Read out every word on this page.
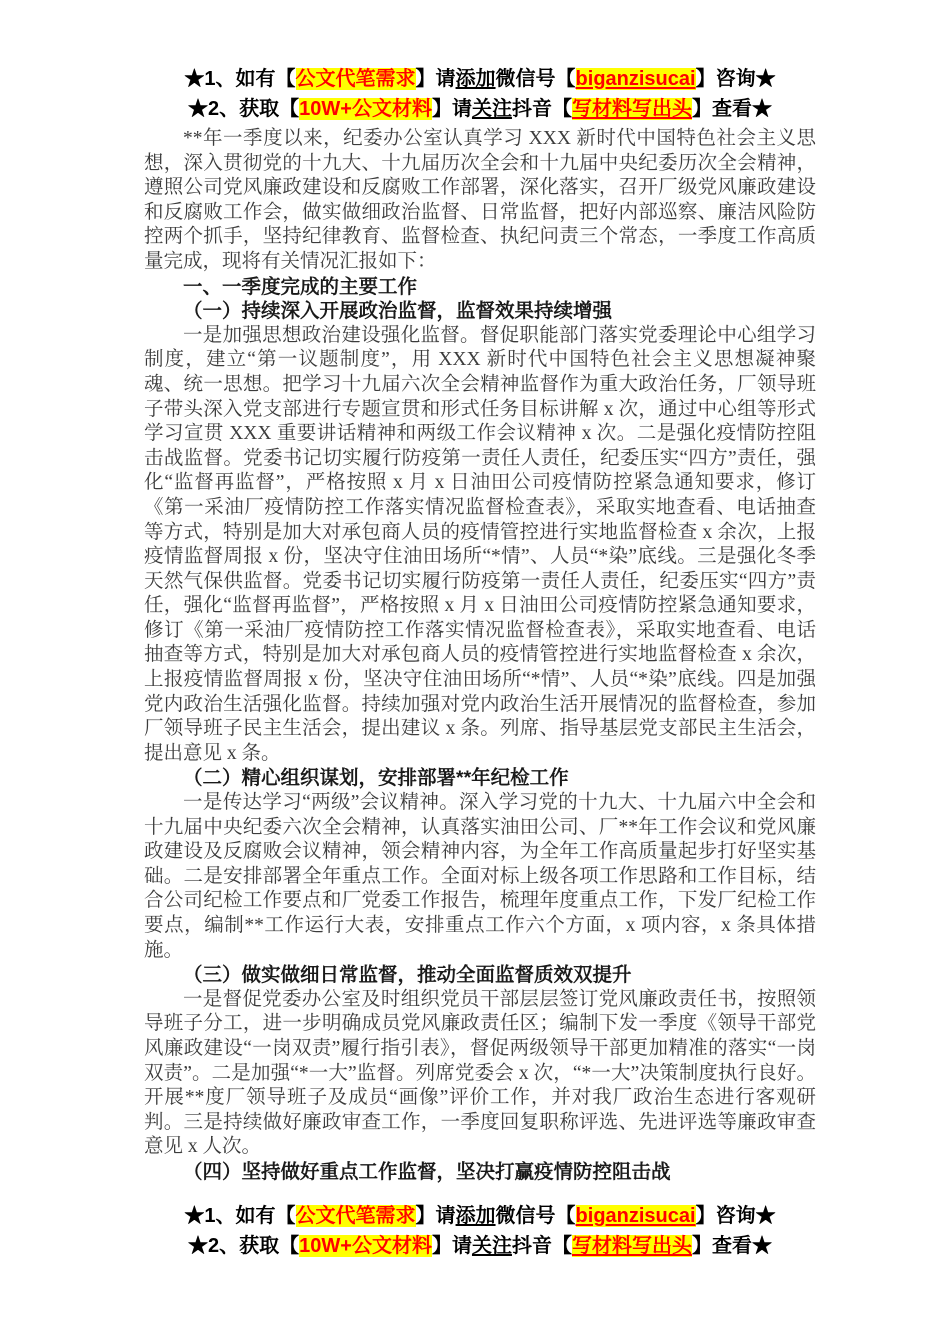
★1、如有【公文代笔需求】请添加微信号【biganzisucai】咨询★
★2、获取【10W+公文材料】请关注抖音【写材料写出头】查看★

**年一季度以来，纪委办公室认真学习 XXX 新时代中国特色社会主义思想，深入贯彻党的十九大、十九届历次全会和十九届中央纪委历次全会精神，遵照公司党风廉政建设和反腐败工作部署，深化落实，召开厂级党风廉政建设和反腐败工作会，做实做细政治监督、日常监督，把好内部巡察、廉洁风险防控两个抓手，坚持纪律教育、监督检查、执纪问责三个常态，一季度工作高质量完成，现将有关情况汇报如下：

一、一季度完成的主要工作

（一）持续深入开展政治监督，监督效果持续增强

一是加强思想政治建设强化监督。督促职能部门落实党委理论中心组学习制度，建立“第一议题制度”，用 XXX 新时代中国特色社会主义思想凝神聚魂、统一思想。把学习十九届六次全会精神监督作为重大政治任务，厂领导班子带头深入党支部进行专题宣贯和形式任务目标讲解 x 次，通过中心组等形式学习宣贯 XXX 重要讲话精神和两级工作会议精神 x 次。二是强化疫情防控阻击战监督。党委书记切实履行防疫第一责任人责任，纪委压实“四方”责任，强化“监督再监督”，严格按照 x 月 x 日油田公司疫情防控紧急通知要求，修订《第一采油厂疫情防控工作落实情况监督检查表》，采取实地查看、电话抽查等方式，特别是加大对承包商人员的疫情管控进行实地监督检查 x 余次，上报疫情监督周报 x 份，坚决守住油田场所“*情”、人员“*染”底线。三是强化冬季天然气保供监督。党委书记切实履行防疫第一责任人责任，纪委压实“四方”责任，强化“监督再监督”，严格按照 x 月 x 日油田公司疫情防控紧急通知要求，修订《第一采油厂疫情防控工作落实情况监督检查表》，采取实地查看、电话抽查等方式，特别是加大对承包商人员的疫情管控进行实地监督检查 x 余次，上报疫情监督周报 x 份，坚决守住油田场所“*情”、人员“*染”底线。四是加强党内政治生活强化监督。持续加强对党内政治生活开展情况的监督检查，参加厂领导班子民主生活会，提出建议 x 条。列席、指导基层党支部民主生活会，提出意见 x 条。

（二）精心组织谋划，安排部署**年纪检工作

一是传达学习“两级”会议精神。深入学习党的十九大、十九届六中全会和十九届中央纪委六次全会精神，认真落实油田公司、厂**年工作会议和党风廉政建设及反腐败会议精神，领会精神内容，为全年工作高质量起步打好坚实基础。二是安排部署全年重点工作。全面对标上级各项工作思路和工作目标，结合公司纪检工作要点和厂党委工作报告，梳理年度重点工作，下发厂纪检工作要点，编制**工作运行大表，安排重点工作六个方面，x 项内容，x 条具体措施。

（三）做实做细日常监督，推动全面监督质效双提升

一是督促党委办公室及时组织党员干部层层签订党风廉政责任书，按照领导班子分工，进一步明确成员党风廉政责任区；编制下发一季度《领导干部党风廉政建设“一岗双责”履行指引表》，督促两级领导干部更加精准的落实“一岗双责”。二是加强“*一大”监督。列席党委会 x 次，“*一大”决策制度执行良好。开展**度厂领导班子及成员“画像”评价工作，并对我厂政治生态进行客观研判。三是持续做好廉政审查工作，一季度回复职称评选、先进评选等廉政审查意见 x 人次。

（四）坚持做好重点工作监督，坚决打赢疫情防控阻击战

★1、如有【公文代笔需求】请添加微信号【biganzisucai】咨询★
★2、获取【10W+公文材料】请关注抖音【写材料写出头】查看★
